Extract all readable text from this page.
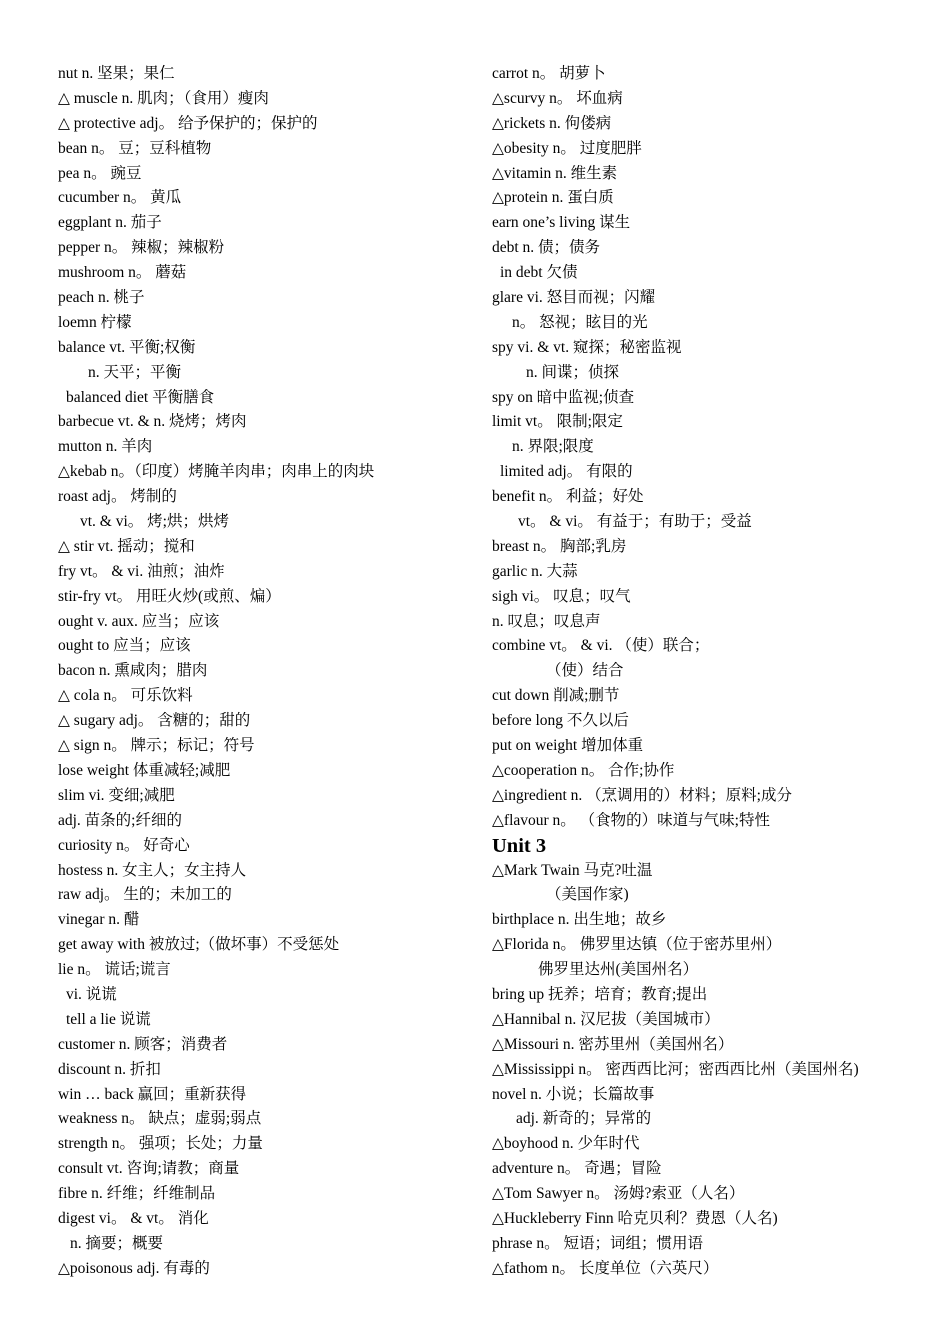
nut n. 坚果；果仁
△ muscle n. 肌肉；（食用）瘦肉
△ protective adj。 给予保护的；保护的
bean n。 豆；豆科植物
pea n。 豌豆
cucumber n。 黄瓜
eggplant n. 茄子
pepper n。 辣椒；辣椒粉
mushroom n。 蘑菇
peach n. 桃子
loemn 柠檬
balance vt. 平衡;权衡
n. 天平；平衡
balanced diet 平衡膳食
barbecue vt. & n. 烧烤；烤肉
mutton n. 羊肉
△kebab n。（印度）烤腌羊肉串；肉串上的肉块
roast adj。 烤制的
vt. & vi。 烤;烘；烘烤
△ stir vt. 摇动；搅和
fry vt。 & vi. 油煎；油炸
stir-fry vt。 用旺火炒(或煎、煸）
ought v. aux. 应当；应该
ought to 应当；应该
bacon n. 熏咸肉；腊肉
△ cola n。 可乐饮料
△ sugary adj。 含糖的；甜的
△ sign n。 牌示；标记；符号
lose weight 体重减轻;减肥
slim vi. 变细;减肥
adj. 苗条的;纤细的
curiosity n。 好奇心
hostess n. 女主人；女主持人
raw adj。 生的；未加工的
vinegar n. 醋
get away with 被放过;（做坏事）不受惩处
lie n。 谎话;谎言
vi. 说谎
tell a lie 说谎
customer n. 顾客；消费者
discount n. 折扣
win … back 赢回；重新获得
weakness n。 缺点；虚弱;弱点
strength n。 强项；长处；力量
consult vt. 咨询;请教；商量
fibre n. 纤维；纤维制品
digest vi。 & vt。 消化
n. 摘要；概要
△poisonous adj. 有毒的
carrot n。 胡萝卜
△scurvy n。 坏血病
△rickets n. 佝偻病
△obesity n。 过度肥胖
△vitamin n. 维生素
△protein n. 蛋白质
earn one’s living 谋生
debt n. 债；债务
in debt 欠债
glare vi. 怒目而视；闪耀
n。 怒视；眩目的光
spy vi. & vt. 窥探；秘密监视
n. 间谍；侦探
spy on 暗中监视;侦查
limit vt。 限制;限定
n. 界限;限度
limited adj。 有限的
benefit n。 利益；好处
vt。 & vi。 有益于；有助于；受益
breast n。 胸部;乳房
garlic n. 大蒜
sigh vi。 叹息；叹气
n. 叹息；叹息声
combine vt。 & vi. （使）联合；
（使）结合
cut down 削减;删节
before long 不久以后
put on weight 增加体重
△cooperation n。 合作;协作
△ingredient n. （烹调用的）材料；原料;成分
△flavour n。 （食物的）味道与气味;特性
Unit 3
△Mark Twain 马克?吐温
（美国作家)
birthplace n. 出生地；故乡
△Florida n。 佛罗里达镇（位于密苏里州）
佛罗里达州(美国州名）
bring up 抚养；培育；教育;提出
△Hannibal n. 汉尼拔（美国城市）
△Missouri n. 密苏里州（美国州名）
△Mississippi n。 密西西比河；密西西比州（美国州名)
novel n. 小说；长篇故事
adj. 新奇的；异常的
△boyhood n. 少年时代
adventure n。 奇遇；冒险
△Tom Sawyer n。 汤姆?索亚（人名）
△Huckleberry Finn 哈克贝利？费恩（人名)
phrase n。 短语；词组；惯用语
△fathom n。 长度单位（六英尺）
